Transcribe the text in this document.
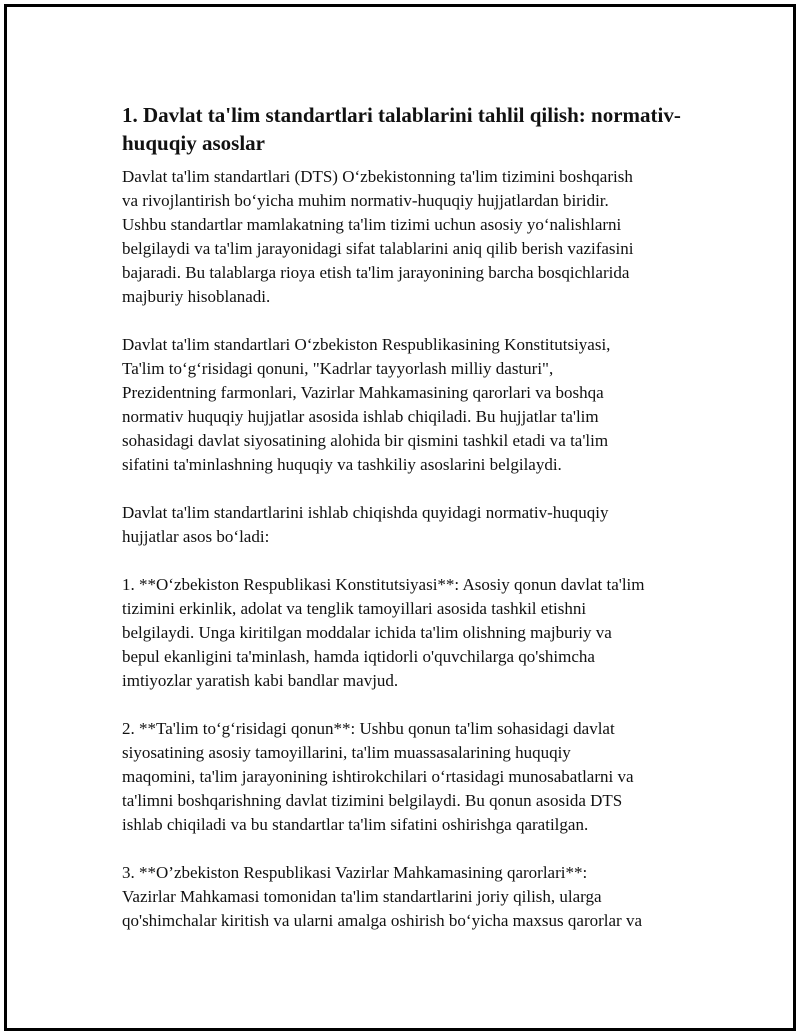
1. Davlat ta'lim standartlari talablarini tahlil qilish: normativ-
huquqiy asoslar

Davlat ta'lim standartlari (DTS) O‘zbekistonning ta'lim tizimini boshqarish
va rivojlantirish bo‘yicha muhim normativ-huquqiy hujjatlardan biridir.
Ushbu standartlar mamlakatning ta'lim tizimi uchun asosiy yo‘nalishlarni
belgilaydi va ta'lim jarayonidagi sifat talablarini aniq qilib berish vazifasini
bajaradi. Bu talablarga rioya etish ta'lim jarayonining barcha bosqichlarida
majburiy hisoblanadi.

Davlat ta'lim standartlari O‘zbekiston Respublikasining Konstitutsiyasi,
Ta'lim to‘g‘risidagi qonuni, "Kadrlar tayyorlash milliy dasturi",
Prezidentning farmonlari, Vazirlar Mahkamasining qarorlari va boshqa
normativ huquqiy hujjatlar asosida ishlab chiqiladi. Bu hujjatlar ta'lim
sohasidagi davlat siyosatining alohida bir qismini tashkil etadi va ta'lim
sifatini ta'minlashning huquqiy va tashkiliy asoslarini belgilaydi.

Davlat ta'lim standartlarini ishlab chiqishda quyidagi normativ-huquqiy
hujjatlar asos bo‘ladi:

1. **O‘zbekiston Respublikasi Konstitutsiyasi**: Asosiy qonun davlat ta'lim
tizimini erkinlik, adolat va tenglik tamoyillari asosida tashkil etishni
belgilaydi. Unga kiritilgan moddalar ichida ta'lim olishning majburiy va
bepul ekanligini ta'minlash, hamda iqtidorli o'quvchilarga qo'shimcha
imtiyozlar yaratish kabi bandlar mavjud.

2. **Ta'lim to‘g‘risidagi qonun**: Ushbu qonun ta'lim sohasidagi davlat
siyosatining asosiy tamoyillarini, ta'lim muassasalarining huquqiy
maqomini, ta'lim jarayonining ishtirokchilari o‘rtasidagi munosabatlarni va
ta'limni boshqarishning davlat tizimini belgilaydi. Bu qonun asosida DTS
ishlab chiqiladi va bu standartlar ta'lim sifatini oshirishga qaratilgan.

3. **O’zbekiston Respublikasi Vazirlar Mahkamasining qarorlari**:
Vazirlar Mahkamasi tomonidan ta'lim standartlarini joriy qilish, ularga
qo'shimchalar kiritish va ularni amalga oshirish bo‘yicha maxsus qarorlar va
